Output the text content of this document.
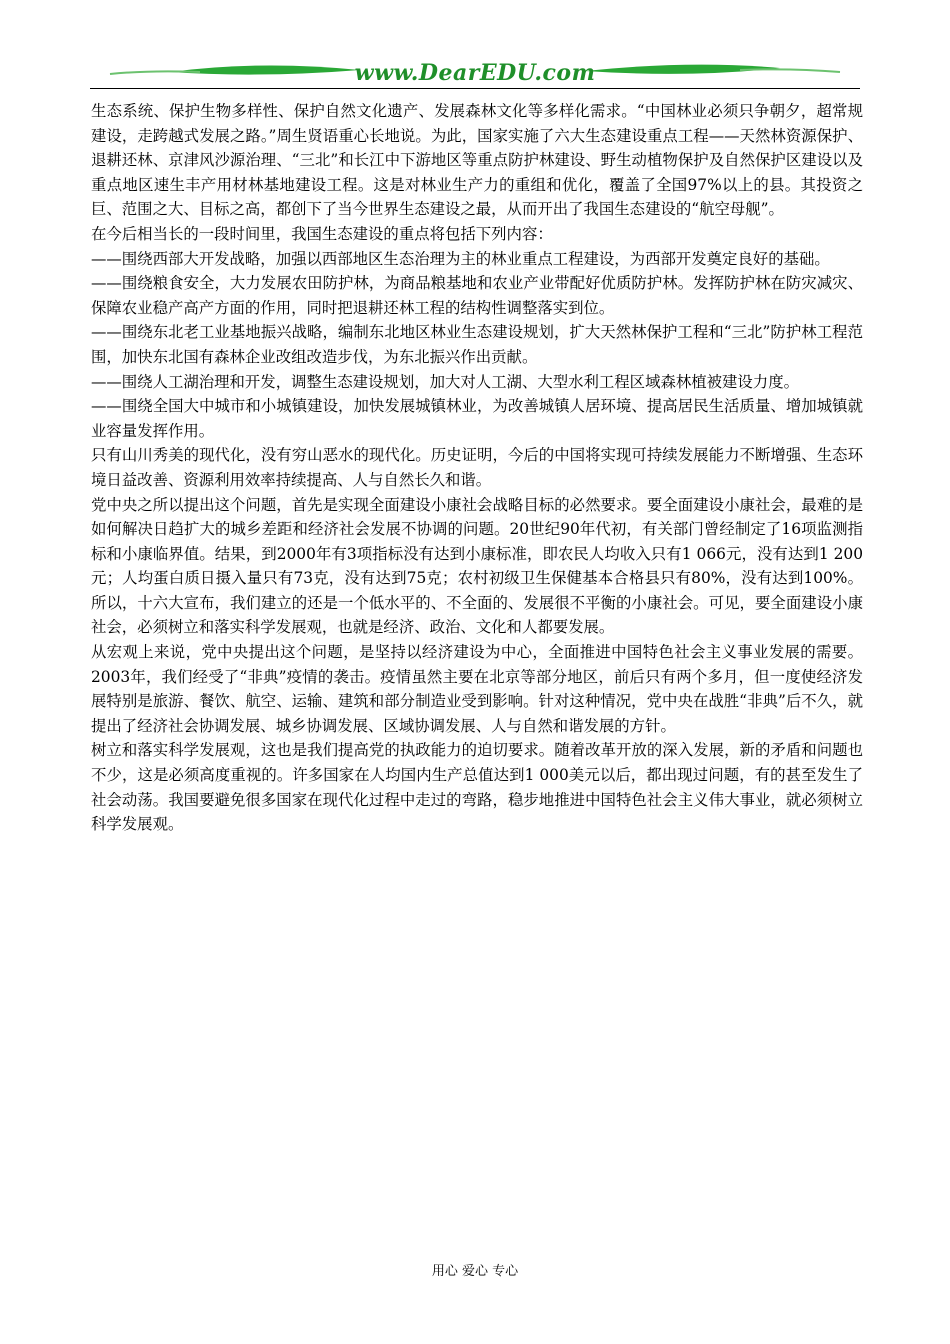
www.DearEDU.com

生态系统、保护生物多样性、保护自然文化遗产、发展森林文化等多样化需求。“中国林业必须只争朝夕，超常规建设，走跨越式发展之路。”周生贤语重心长地说。为此，国家实施了六大生态建设重点工程——天然林资源保护、退耕还林、京津风沙源治理、“三北”和长江中下游地区等重点防护林建设、野生动植物保护及自然保护区建设以及重点地区速生丰产用材林基地建设工程。这是对林业生产力的重组和优化，覆盖了全国97%以上的县。其投资之巨、范围之大、目标之高，都创下了当今世界生态建设之最，从而开出了我国生态建设的“航空母舰”。

在今后相当长的一段时间里，我国生态建设的重点将包括下列内容：

——围绕西部大开发战略，加强以西部地区生态治理为主的林业重点工程建设，为西部开发奠定良好的基础。

——围绕粮食安全，大力发展农田防护林，为商品粮基地和农业产业带配好优质防护林。发挥防护林在防灾减灾、保障农业稳产高产方面的作用，同时把退耕还林工程的结构性调整落实到位。

——围绕东北老工业基地振兴战略，编制东北地区林业生态建设规划，扩大天然林保护工程和“三北”防护林工程范围，加快东北国有森林企业改组改造步伐，为东北振兴作出贡献。

——围绕人工湖治理和开发，调整生态建设规划，加大对人工湖、大型水利工程区域森林植被建设力度。

——围绕全国大中城市和小城镇建设，加快发展城镇林业，为改善城镇人居环境、提高居民生活质量、增加城镇就业容量发挥作用。

只有山川秀美的现代化，没有穷山恶水的现代化。历史证明，今后的中国将实现可持续发展能力不断增强、生态环境日益改善、资源利用效率持续提高、人与自然长久和谐。

党中央之所以提出这个问题，首先是实现全面建设小康社会战略目标的必然要求。要全面建设小康社会，最难的是如何解决日趋扩大的城乡差距和经济社会发展不协调的问题。20世纪90年代初，有关部门曾经制定了16项监测指标和小康临界值。结果，到2000年有3项指标没有达到小康标准，即农民人均收入只有1 066元，没有达到1 200元；人均蛋白质日摄入量只有73克，没有达到75克；农村初级卫生保健基本合格县只有80%，没有达到100%。所以，十六大宣布，我们建立的还是一个低水平的、不全面的、发展很不平衡的小康社会。可见，要全面建设小康社会，必须树立和落实科学发展观，也就是经济、政治、文化和人都要发展。

从宏观上来说，党中央提出这个问题，是坚持以经济建设为中心，全面推进中国特色社会主义事业发展的需要。2003年，我们经受了“非典”疫情的袭击。疫情虽然主要在北京等部分地区，前后只有两个多月，但一度使经济发展特别是旅游、餐饮、航空、运输、建筑和部分制造业受到影响。针对这种情况，党中央在战胜“非典”后不久，就提出了经济社会协调发展、城乡协调发展、区域协调发展、人与自然和谐发展的方针。

树立和落实科学发展观，这也是我们提高党的执政能力的迫切要求。随着改革开放的深入发展，新的矛盾和问题也不少，这是必须高度重视的。许多国家在人均国内生产总值达到1 000美元以后，都出现过问题，有的甚至发生了社会动荡。我国要避免很多国家在现代化过程中走过的弯路，稳步地推进中国特色社会主义伟大事业，就必须树立科学发展观。

用心 爱心 专心
